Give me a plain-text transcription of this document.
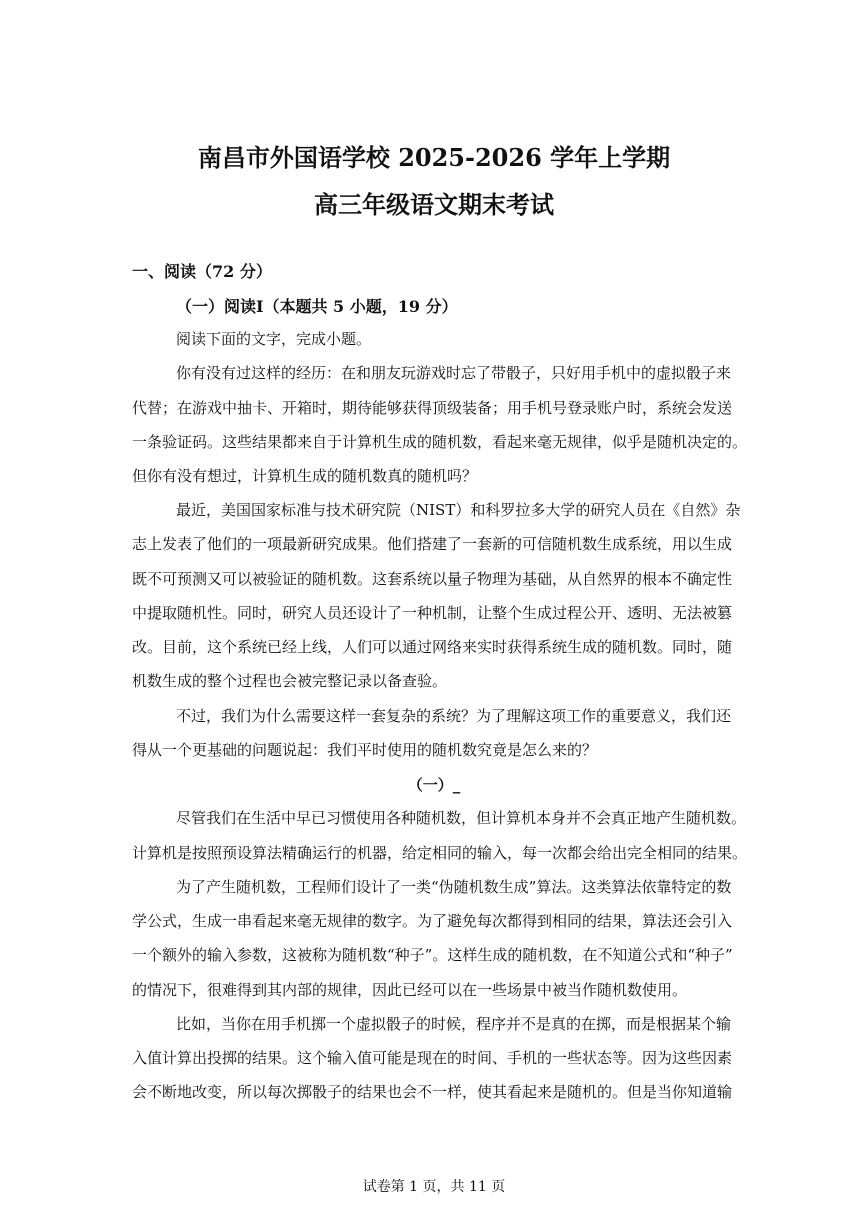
南昌市外国语学校 2025-2026 学年上学期
高三年级语文期末考试
一、阅读（72 分）
（一）阅读Ⅰ（本题共 5 小题，19 分）
阅读下面的文字，完成小题。
你有没有过这样的经历：在和朋友玩游戏时忘了带骰子，只好用手机中的虚拟骰子来
代替；在游戏中抽卡、开箱时，期待能够获得顶级装备；用手机号登录账户时，系统会发送
一条验证码。这些结果都来自于计算机生成的随机数，看起来毫无规律，似乎是随机决定的。
但你有没有想过，计算机生成的随机数真的随机吗？
最近，美国国家标准与技术研究院（NIST）和科罗拉多大学的研究人员在《自然》杂
志上发表了他们的一项最新研究成果。他们搭建了一套新的可信随机数生成系统，用以生成
既不可预测又可以被验证的随机数。这套系统以量子物理为基础，从自然界的根本不确定性
中提取随机性。同时，研究人员还设计了一种机制，让整个生成过程公开、透明、无法被篡
改。目前，这个系统已经上线，人们可以通过网络来实时获得系统生成的随机数。同时，随
机数生成的整个过程也会被完整记录以备查验。
不过，我们为什么需要这样一套复杂的系统？为了理解这项工作的重要意义，我们还
得从一个更基础的问题说起：我们平时使用的随机数究竟是怎么来的？
（一）_
尽管我们在生活中早已习惯使用各种随机数，但计算机本身并不会真正地产生随机数。
计算机是按照预设算法精确运行的机器，给定相同的输入，每一次都会给出完全相同的结果。
为了产生随机数，工程师们设计了一类“伪随机数生成”算法。这类算法依靠特定的数
学公式，生成一串看起来毫无规律的数字。为了避免每次都得到相同的结果，算法还会引入
一个额外的输入参数，这被称为随机数“种子”。这样生成的随机数，在不知道公式和“种子”
的情况下，很难得到其内部的规律，因此已经可以在一些场景中被当作随机数使用。
比如，当你在用手机掷一个虚拟骰子的时候，程序并不是真的在掷，而是根据某个输
入值计算出投掷的结果。这个输入值可能是现在的时间、手机的一些状态等。因为这些因素
会不断地改变，所以每次掷骰子的结果也会不一样，使其看起来是随机的。但是当你知道输
试卷第 1 页，共 11 页
